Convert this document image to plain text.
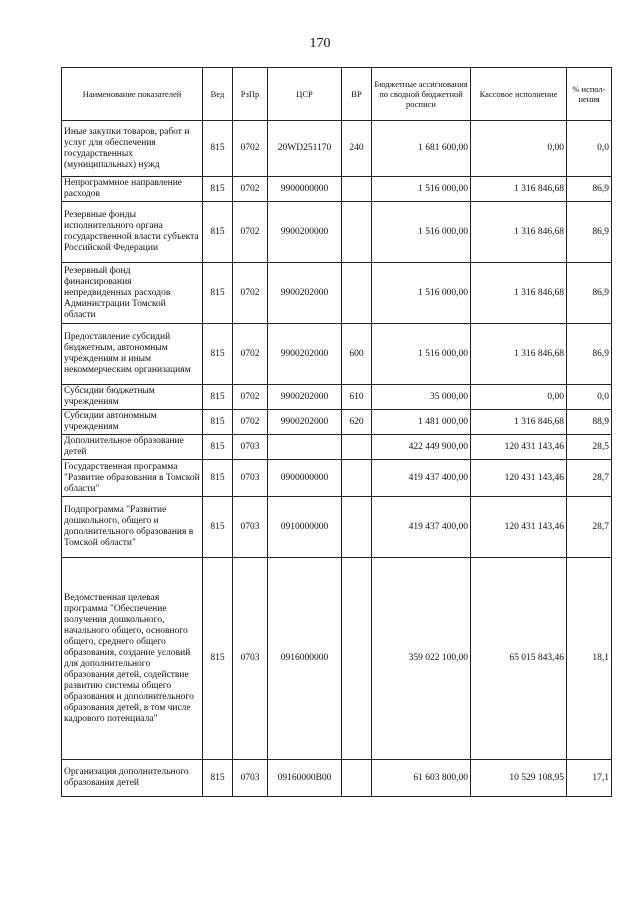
170
Наименование показателей	Вед	РзПр	ЦСР	ВР	Бюджетные ассигнования по сводной бюджетной росписи	Кассовое исполнение	% испол-нения
Иные закупки товаров, работ и услуг для обеспечения государственных (муниципальных) нужд	815	0702	20WD251170	240	1 681 600,00	0,00	0,0
Непрограммное направление расходов	815	0702	9900000000		1 516 000,00	1 316 846,68	86,9
Резервные фонды исполнительного органа государственной власти субъекта Российской Федерации	815	0702	9900200000		1 516 000,00	1 316 846,68	86,9
Резервный фонд финансирования непредвиденных расходов Администрации Томской области	815	0702	9900202000		1 516 000,00	1 316 846,68	86,9
Предоставление субсидий бюджетным, автономным учреждениям и иным некоммерческим организациям	815	0702	9900202000	600	1 516 000,00	1 316 846,68	86,9
Субсидии бюджетным учреждениям	815	0702	9900202000	610	35 000,00	0,00	0,0
Субсидии автономным учреждениям	815	0702	9900202000	620	1 481 000,00	1 316 846,68	88,9
Дополнительное образование детей	815	0703			422 449 900,00	120 431 143,46	28,5
Государственная программа "Развитие образования в Томской области"	815	0703	0900000000		419 437 400,00	120 431 143,46	28,7
Подпрограмма "Развитие дошкольного, общего и дополнительного образования в Томской области"	815	0703	0910000000		419 437 400,00	120 431 143,46	28,7
Ведомственная целевая программа "Обеспечение получения дошкольного, начального общего, основного общего, среднего общего образования, создание условий для дополнительного образования детей, содействие развитию системы общего образования и дополнительного образования детей, в том числе кадрового потенциала"	815	0703	0916000000		359 022 100,00	65 015 843,46	18,1
Организация дополнительного образования детей	815	0703	09160000В00		61 603 800,00	10 529 108,95	17,1
